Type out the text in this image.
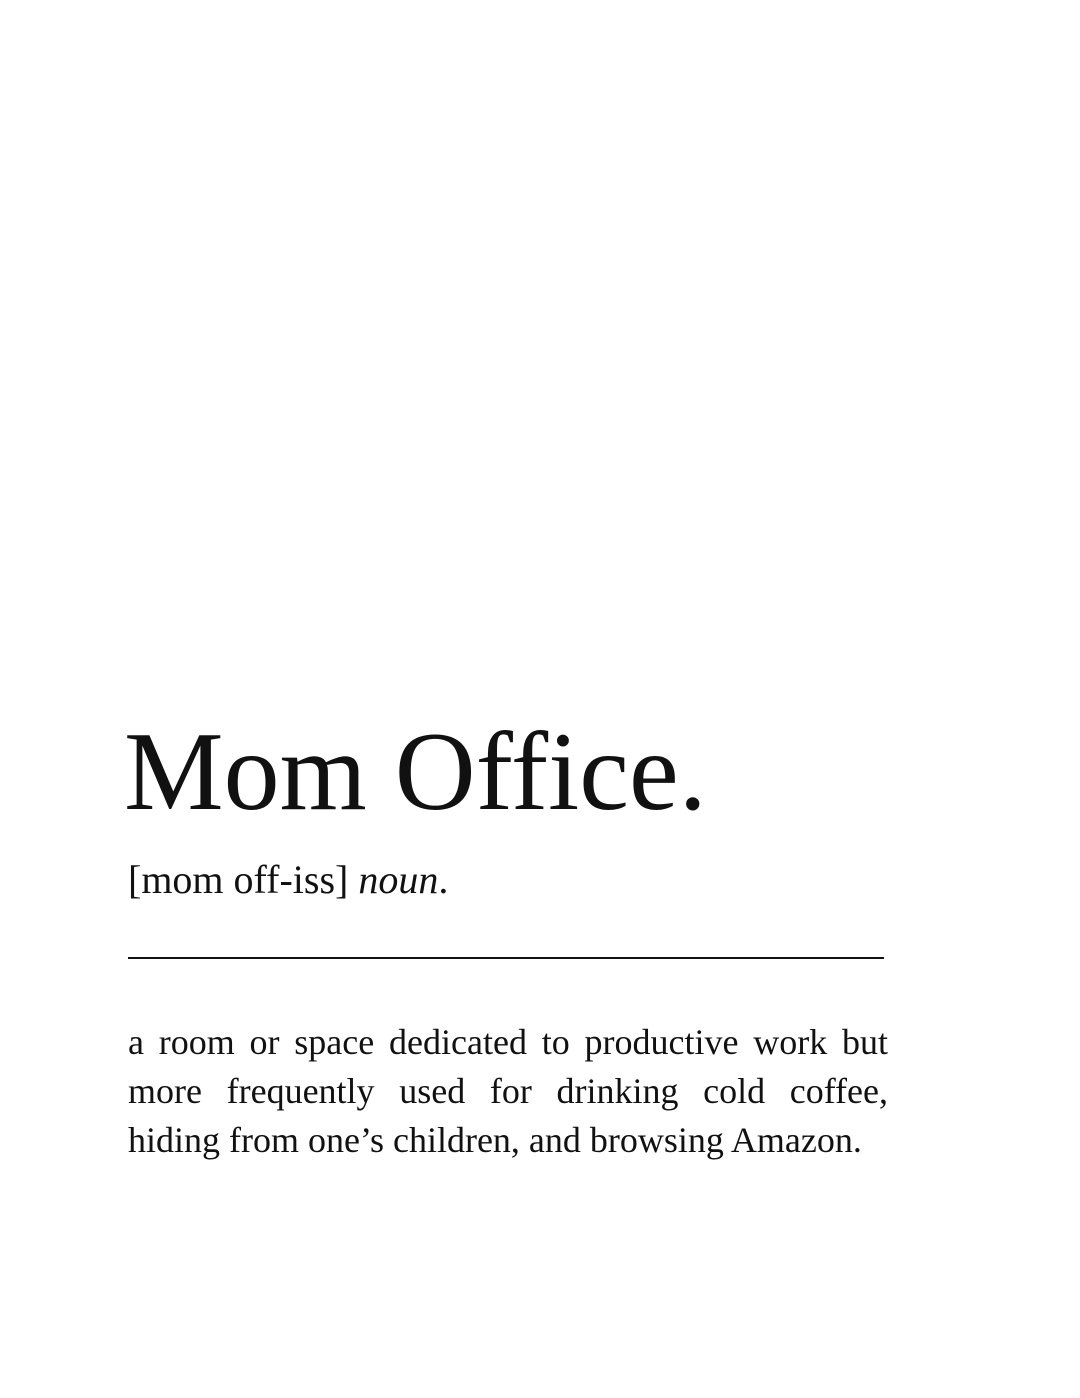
Mom Office.

[mom off-iss] noun.

a room or space dedicated to productive work but more frequently used for drinking cold coffee, hiding from one’s children, and browsing Amazon.
